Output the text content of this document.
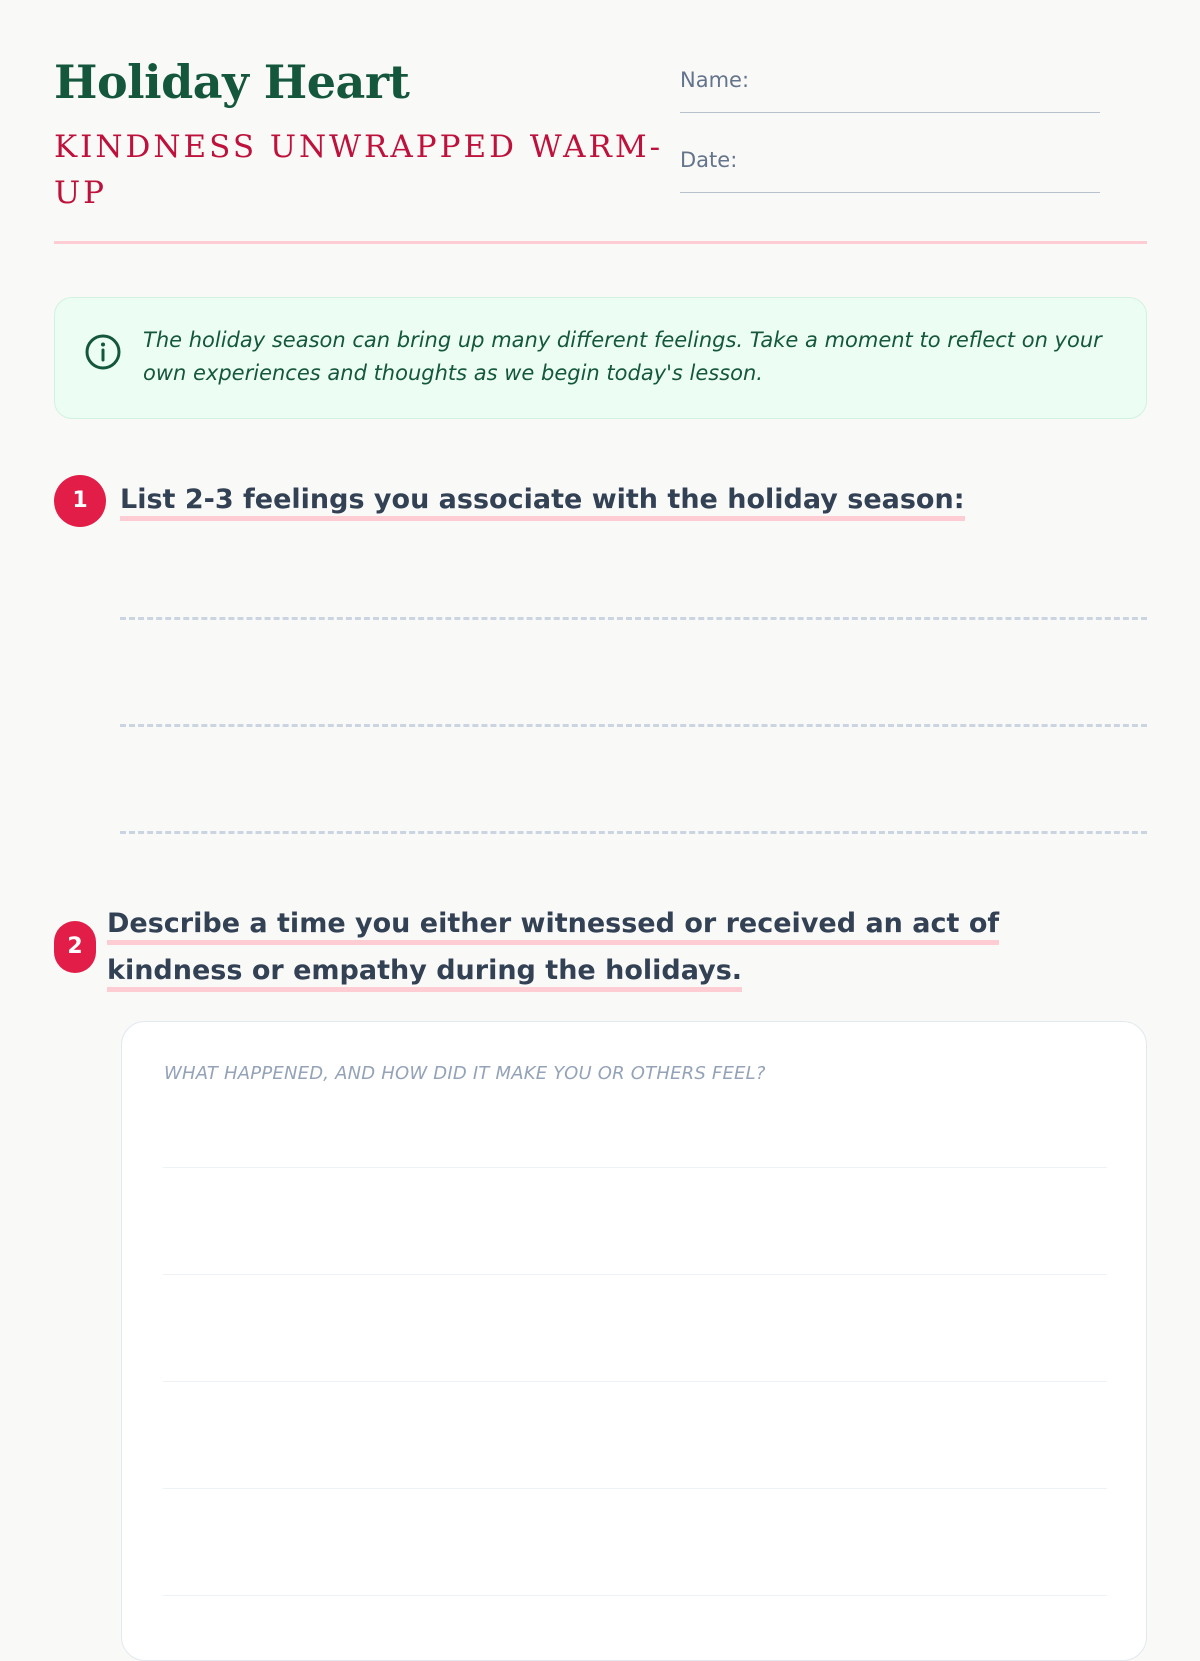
Holiday Heart
KINDNESS UNWRAPPED WARM-UP
Name:
Date:

The holiday season can bring up many different feelings. Take a moment to reflect on your own experiences and thoughts as we begin today's lesson.

1	List 2-3 feelings you associate with the holiday season:

2

Describe a time you either witnessed or received an act of kindness or empathy during the holidays.

WHAT HAPPENED, AND HOW DID IT MAKE YOU OR OTHERS FEEL?
